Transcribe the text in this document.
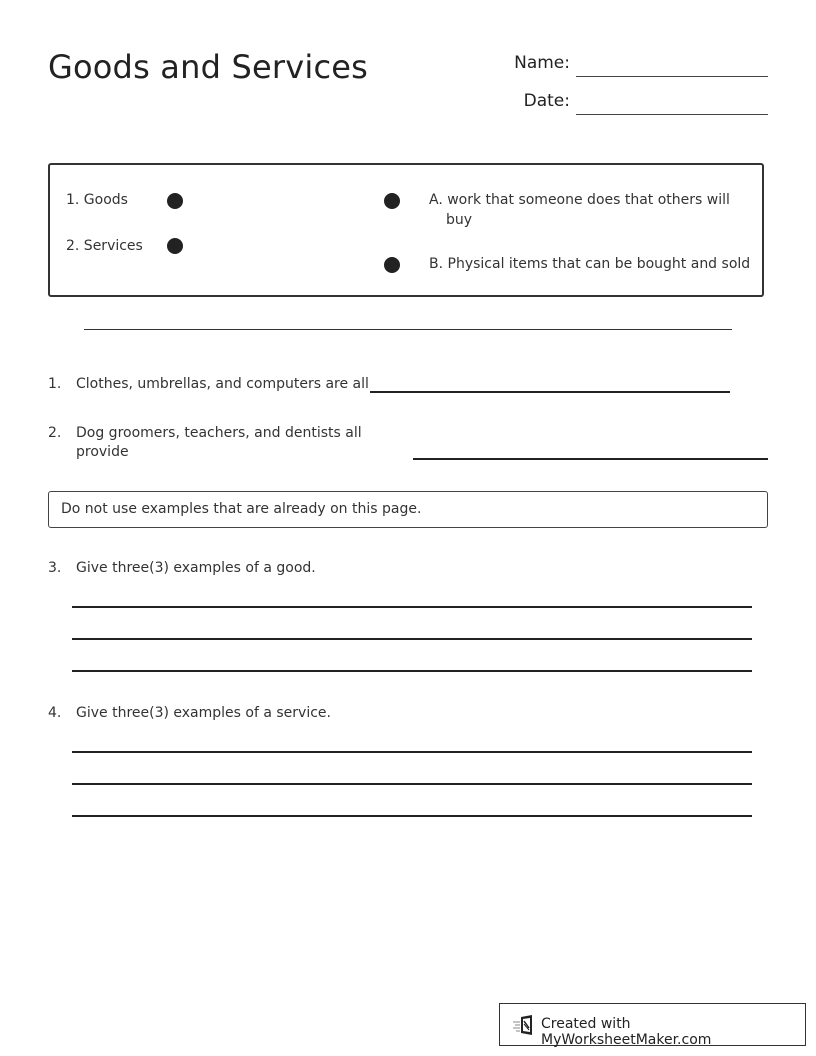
Goods and Services	Name:
Date:
1. Goods
2. Services
A. work that someone does that others will
buy
B. Physical items that can be bought and sold
1. Clothes, umbrellas, and computers are all
2. Dog groomers, teachers, and dentists all
provide
Do not use examples that are already on this page.
3. Give three(3) examples of a good.
4. Give three(3) examples of a service.
Created with MyWorksheetMaker.com
